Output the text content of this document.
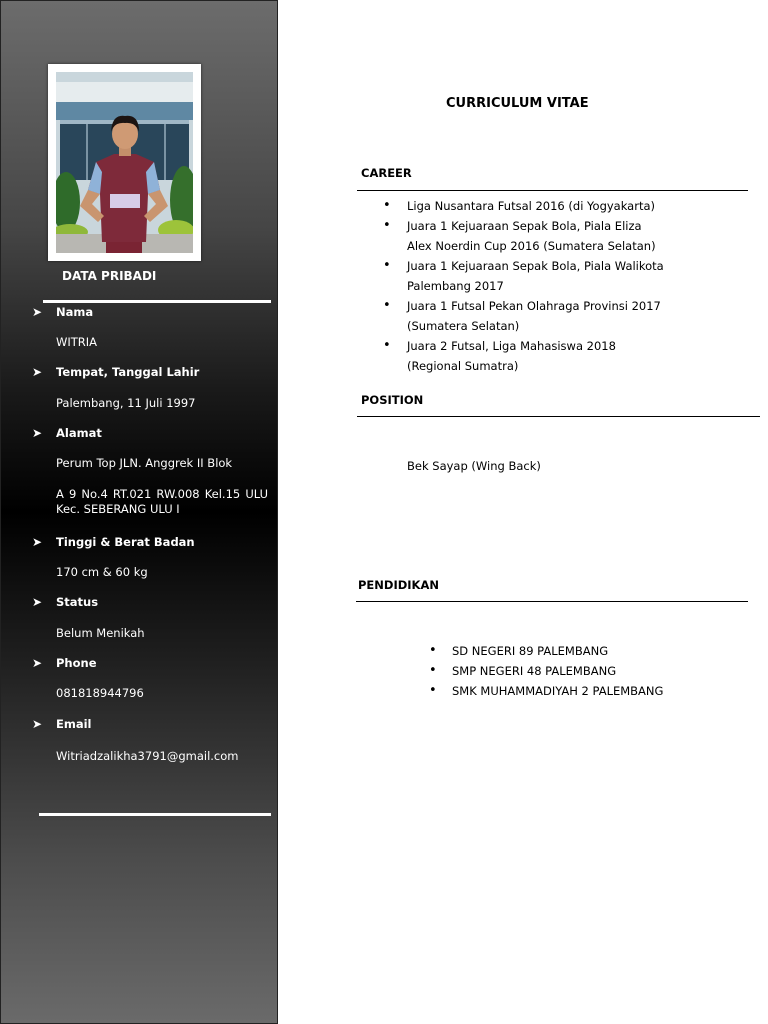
DATA PRIBADI
➤ Nama
WITRIA
➤ Tempat, Tanggal Lahir
Palembang, 11 Juli 1997
➤ Alamat
Perum Top JLN. Anggrek II Blok
A 9 No.4 RT.021 RW.008 Kel.15 ULU Kec. SEBERANG ULU I
➤ Tinggi & Berat Badan
170 cm & 60 kg
➤ Status
Belum Menikah
➤ Phone
081818944796
➤ Email
Witriadzalikha3791@gmail.com
CURRICULUM VITAE
CAREER
• Liga Nusantara Futsal 2016 (di Yogyakarta)
• Juara 1 Kejuaraan Sepak Bola, Piala Eliza Alex Noerdin Cup 2016 (Sumatera Selatan)
• Juara 1 Kejuaraan Sepak Bola, Piala Walikota Palembang 2017
• Juara 1 Futsal Pekan Olahraga Provinsi 2017 (Sumatera Selatan)
• Juara 2 Futsal, Liga Mahasiswa 2018 (Regional Sumatra)
POSITION
Bek Sayap (Wing Back)
PENDIDIKAN
• SD NEGERI 89 PALEMBANG
• SMP NEGERI 48 PALEMBANG
• SMK MUHAMMADIYAH 2 PALEMBANG
